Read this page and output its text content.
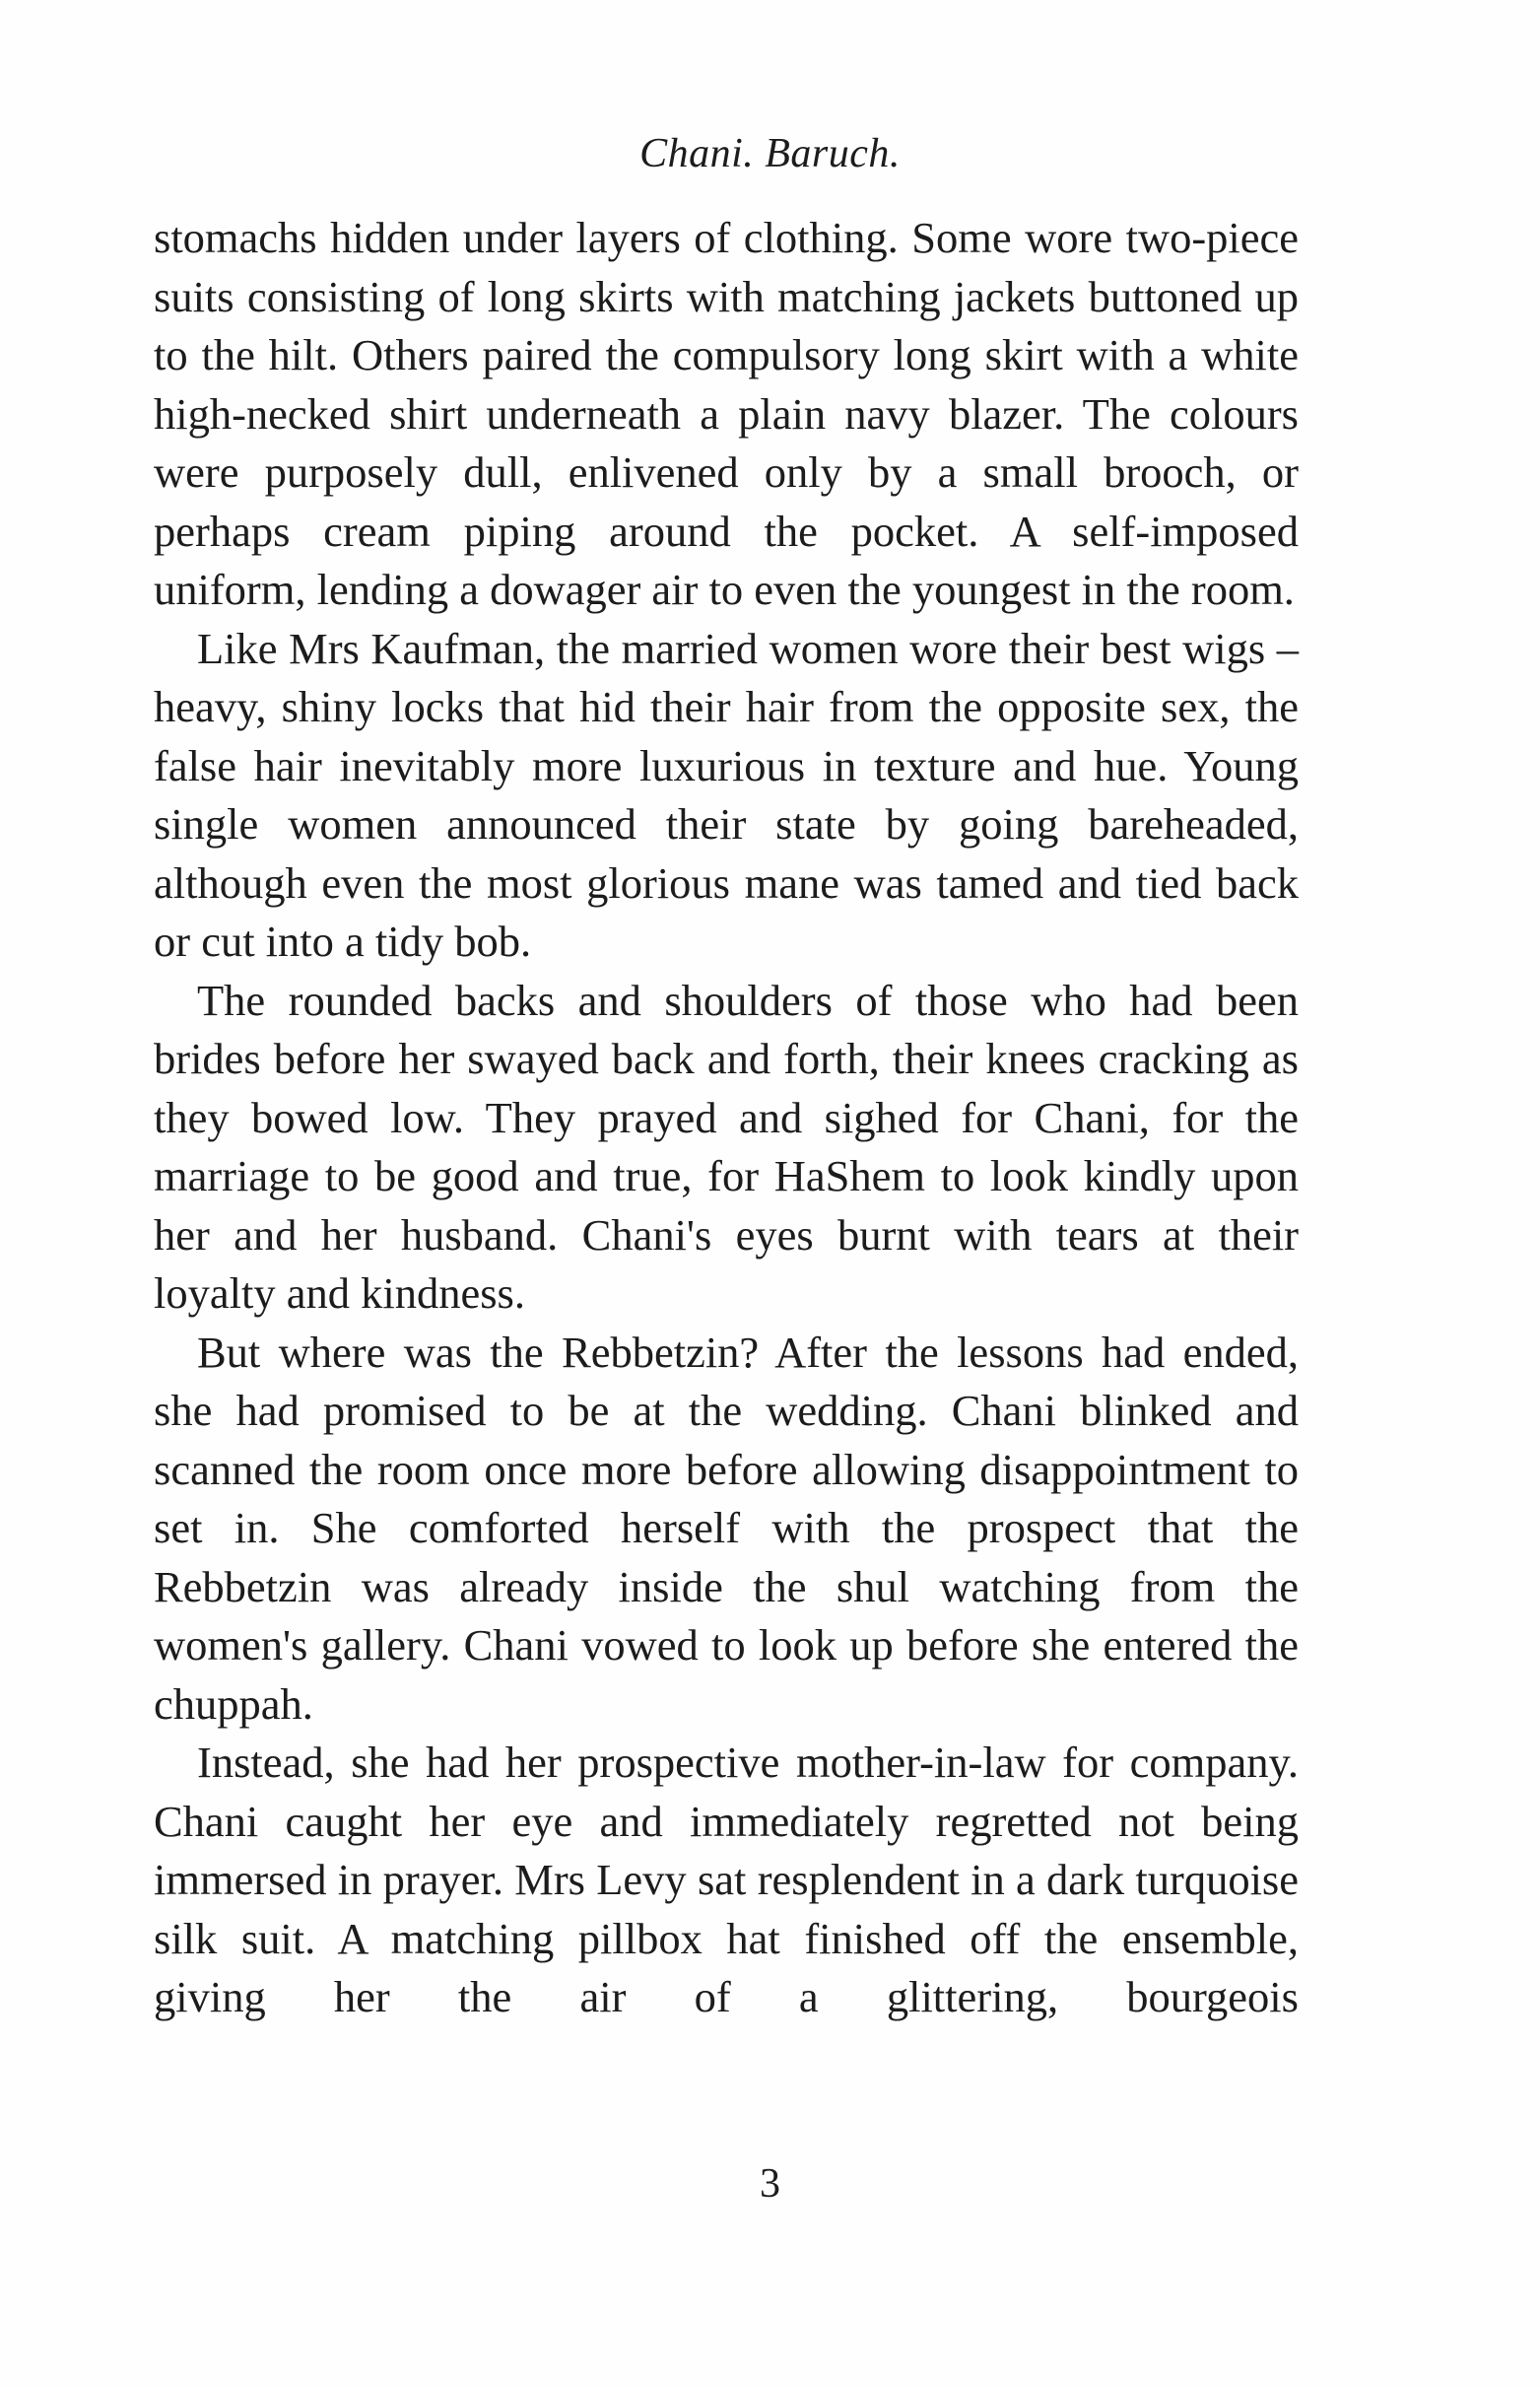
Chani. Baruch.

stomachs hidden under layers of clothing. Some wore two-piece suits consisting of long skirts with matching jackets buttoned up to the hilt. Others paired the compulsory long skirt with a white high-necked shirt underneath a plain navy blazer. The colours were purposely dull, enlivened only by a small brooch, or perhaps cream piping around the pocket. A self-imposed uniform, lending a dowager air to even the youngest in the room.

Like Mrs Kaufman, the married women wore their best wigs – heavy, shiny locks that hid their hair from the opposite sex, the false hair inevitably more luxurious in texture and hue. Young single women announced their state by going bareheaded, although even the most glorious mane was tamed and tied back or cut into a tidy bob.

The rounded backs and shoulders of those who had been brides before her swayed back and forth, their knees cracking as they bowed low. They prayed and sighed for Chani, for the marriage to be good and true, for HaShem to look kindly upon her and her husband. Chani's eyes burnt with tears at their loyalty and kindness.

But where was the Rebbetzin? After the lessons had ended, she had promised to be at the wedding. Chani blinked and scanned the room once more before allowing disappointment to set in. She comforted herself with the prospect that the Rebbetzin was already inside the shul watching from the women's gallery. Chani vowed to look up before she entered the chuppah.

Instead, she had her prospective mother-in-law for company. Chani caught her eye and immediately regretted not being immersed in prayer. Mrs Levy sat resplendent in a dark turquoise silk suit. A matching pillbox hat finished off the ensemble, giving her the air of a glittering, bourgeois

3
